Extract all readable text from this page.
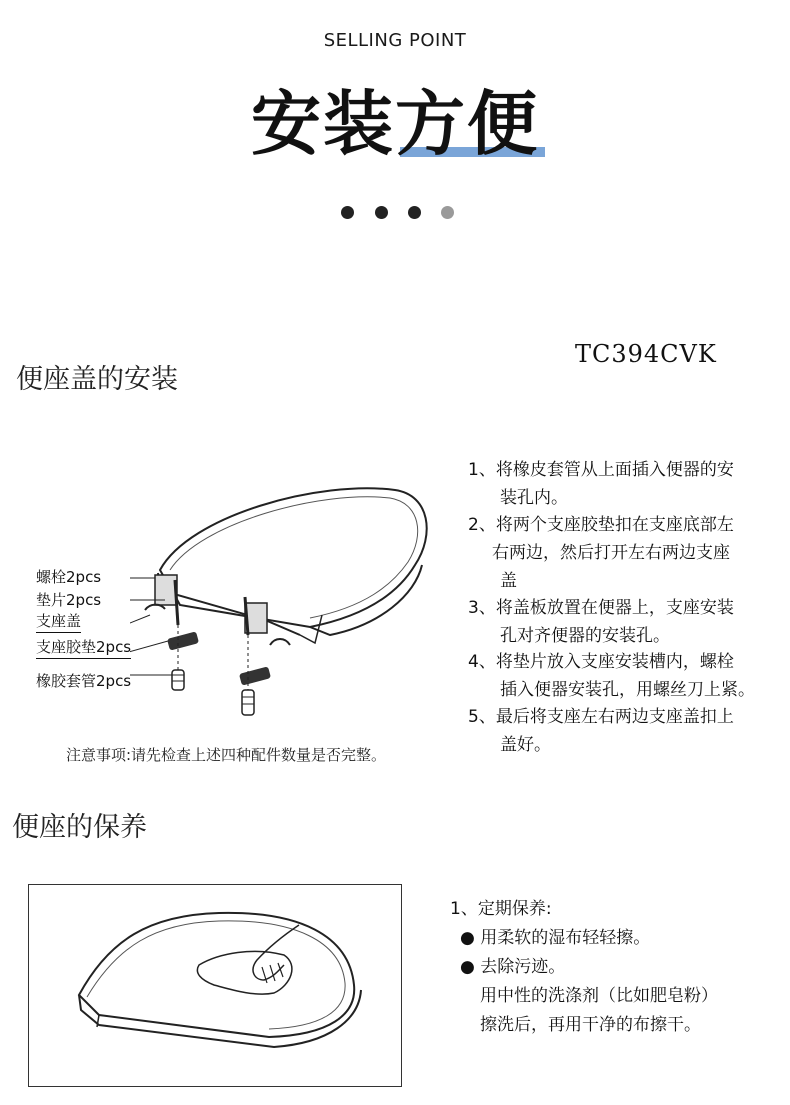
SELLING POINT
安装方便
便座盖的安装
TC394CVK
螺栓2pcs
垫片2pcs
支座盖
支座胶垫2pcs
橡胶套管2pcs
注意事项:请先检查上述四种配件数量是否完整。
1、将橡皮套管从上面插入便器的安
装孔内。
2、将两个支座胶垫扣在支座底部左
右两边，然后打开左右两边支座
盖
3、将盖板放置在便器上，支座安装
孔对齐便器的安装孔。
4、将垫片放入支座安装槽内，螺栓
插入便器安装孔，用螺丝刀上紧。
5、最后将支座左右两边支座盖扣上
盖好。
便座的保养
1、定期保养:
● 用柔软的湿布轻轻擦。
● 去除污迹。
用中性的洗涤剂（比如肥皂粉）
擦洗后，再用干净的布擦干。
